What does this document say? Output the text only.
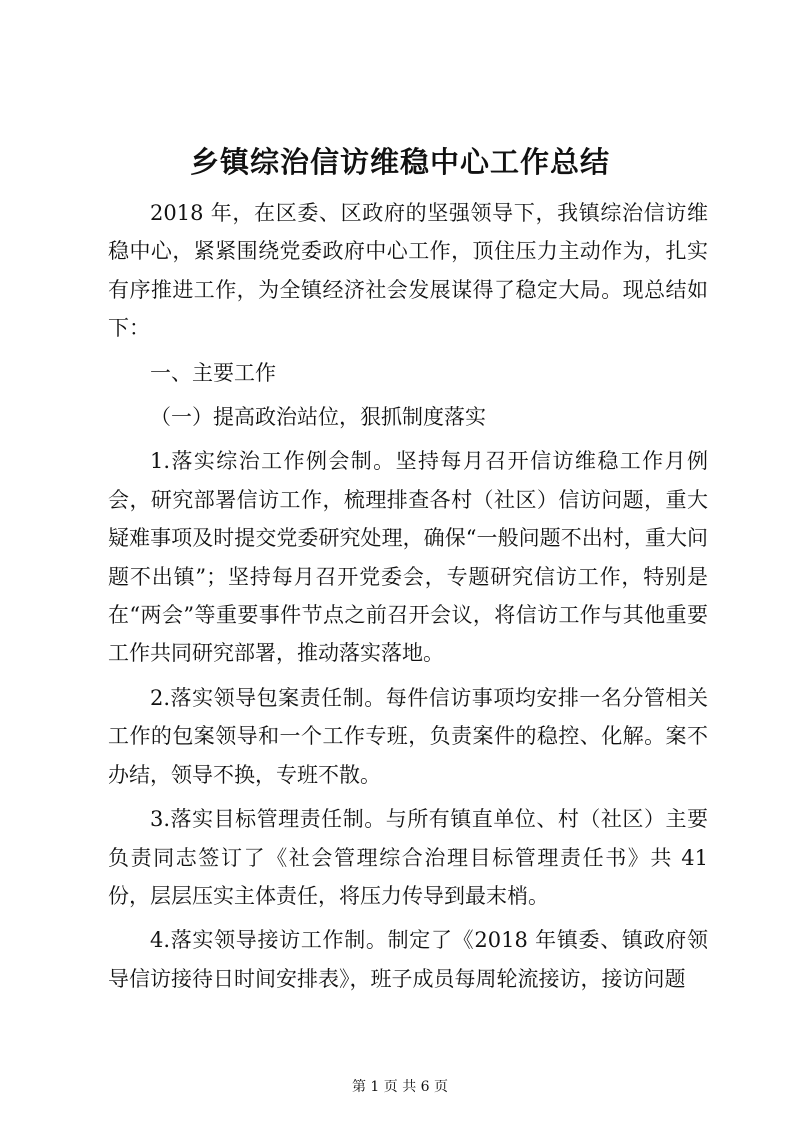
乡镇综治信访维稳中心工作总结

2018 年，在区委、区政府的坚强领导下，我镇综治信访维稳中心，紧紧围绕党委政府中心工作，顶住压力主动作为，扎实有序推进工作，为全镇经济社会发展谋得了稳定大局。现总结如下：

一、主要工作

（一）提高政治站位，狠抓制度落实

1.落实综治工作例会制。坚持每月召开信访维稳工作月例会，研究部署信访工作，梳理排查各村（社区）信访问题，重大疑难事项及时提交党委研究处理，确保“一般问题不出村，重大问题不出镇”；坚持每月召开党委会，专题研究信访工作，特别是在“两会”等重要事件节点之前召开会议，将信访工作与其他重要工作共同研究部署，推动落实落地。

2.落实领导包案责任制。每件信访事项均安排一名分管相关工作的包案领导和一个工作专班，负责案件的稳控、化解。案不办结，领导不换，专班不散。

3.落实目标管理责任制。与所有镇直单位、村（社区）主要负责同志签订了《社会管理综合治理目标管理责任书》共 41 份，层层压实主体责任，将压力传导到最末梢。

4.落实领导接访工作制。制定了《2018 年镇委、镇政府领导信访接待日时间安排表》，班子成员每周轮流接访，接访问题

第 1 页 共 6 页
